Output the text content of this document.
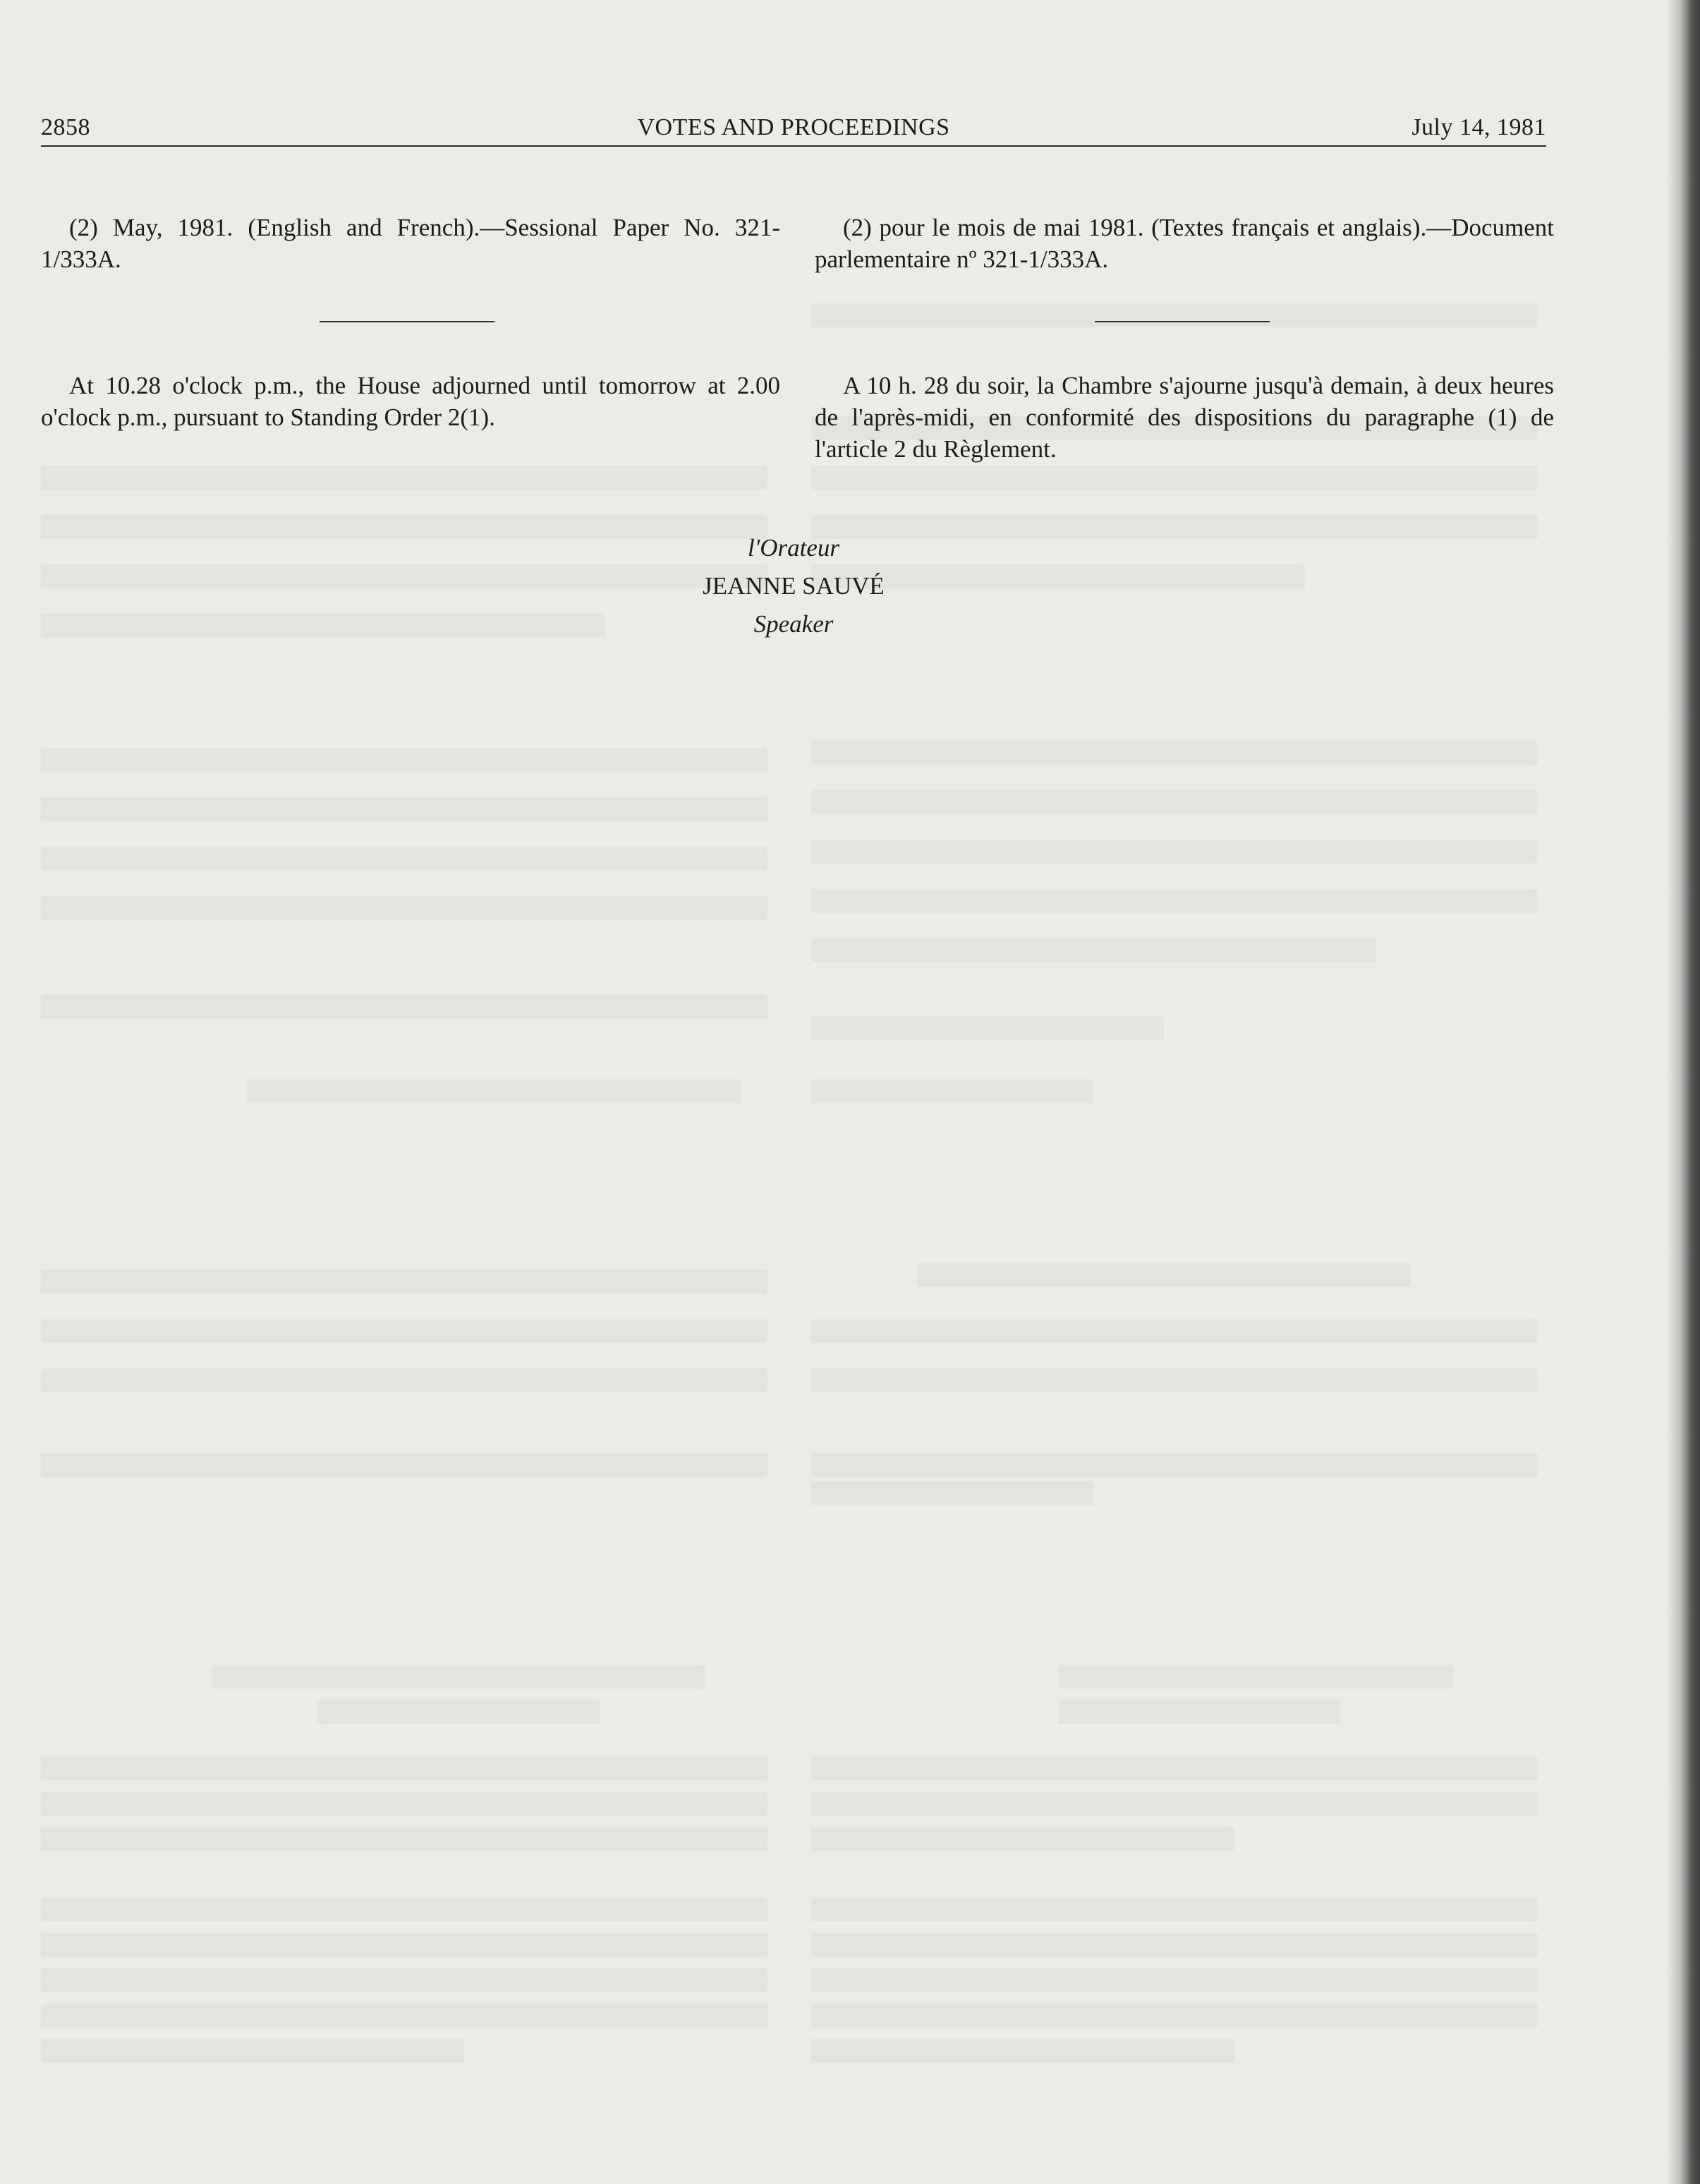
2858	VOTES AND PROCEEDINGS	July 14, 1981

(2) May, 1981. (English and French).—Sessional Paper No. 321-1/333A.

At 10.28 o'clock p.m., the House adjourned until tomorrow at 2.00 o'clock p.m., pursuant to Standing Order 2(1).

(2) pour le mois de mai 1981. (Textes français et anglais).—Document parlementaire nº 321-1/333A.

A 10 h. 28 du soir, la Chambre s'ajourne jusqu'à demain, à deux heures de l'après-midi, en conformité des dispositions du paragraphe (1) de l'article 2 du Règlement.

l'Orateur
JEANNE SAUVÉ
Speaker
